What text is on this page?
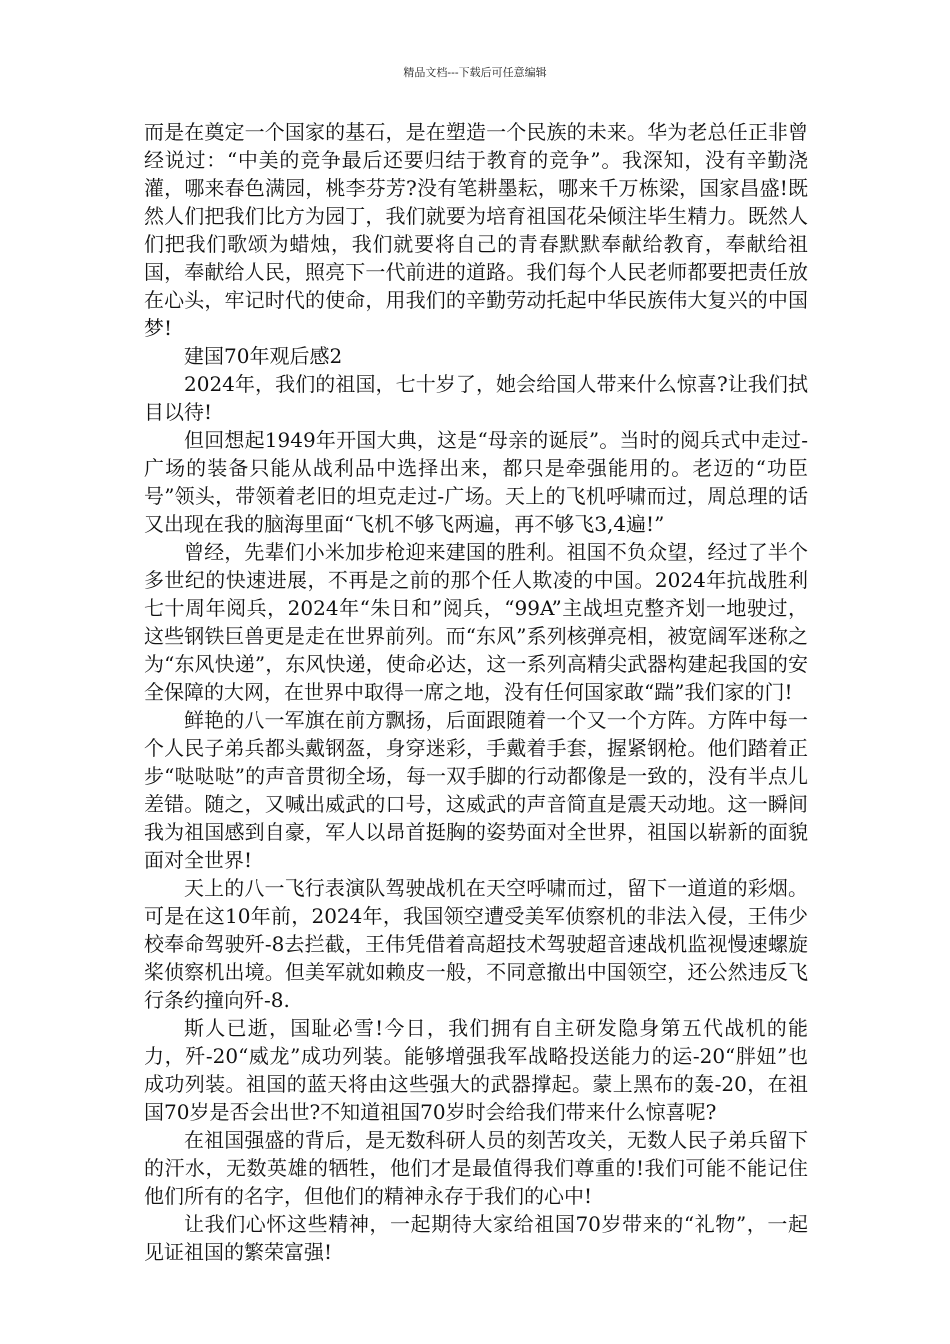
精品文档---下载后可任意编辑

而是在奠定一个国家的基石，是在塑造一个民族的未来。华为老总任正非曾经说过：“中美的竞争最后还要归结于教育的竞争”。我深知，没有辛勤浇灌，哪来春色满园，桃李芬芳?没有笔耕墨耘，哪来千万栋梁，国家昌盛!既然人们把我们比方为园丁，我们就要为培育祖国花朵倾注毕生精力。既然人们把我们歌颂为蜡烛，我们就要将自己的青春默默奉献给教育，奉献给祖国，奉献给人民，照亮下一代前进的道路。我们每个人民老师都要把责任放在心头，牢记时代的使命，用我们的辛勤劳动托起中华民族伟大复兴的中国梦!

建国70年观后感2

2024年，我们的祖国，七十岁了，她会给国人带来什么惊喜?让我们拭目以待!

但回想起1949年开国大典，这是“母亲的诞辰”。当时的阅兵式中走过-广场的装备只能从战利品中选择出来，都只是牵强能用的。老迈的“功臣号”领头，带领着老旧的坦克走过-广场。天上的飞机呼啸而过，周总理的话又出现在我的脑海里面“飞机不够飞两遍，再不够飞3,4遍!”

曾经，先辈们小米加步枪迎来建国的胜利。祖国不负众望，经过了半个多世纪的快速进展，不再是之前的那个任人欺凌的中国。2024年抗战胜利七十周年阅兵，2024年“朱日和”阅兵，“99A”主战坦克整齐划一地驶过，这些钢铁巨兽更是走在世界前列。而“东风”系列核弹亮相，被宽阔军迷称之为“东风快递”，东风快递，使命必达，这一系列高精尖武器构建起我国的安全保障的大网，在世界中取得一席之地，没有任何国家敢“踹”我们家的门!

鲜艳的八一军旗在前方飘扬，后面跟随着一个又一个方阵。方阵中每一个人民子弟兵都头戴钢盔，身穿迷彩，手戴着手套，握紧钢枪。他们踏着正步“哒哒哒”的声音贯彻全场，每一双手脚的行动都像是一致的，没有半点儿差错。随之，又喊出威武的口号，这威武的声音简直是震天动地。这一瞬间我为祖国感到自豪，军人以昂首挺胸的姿势面对全世界，祖国以崭新的面貌面对全世界!

天上的八一飞行表演队驾驶战机在天空呼啸而过，留下一道道的彩烟。可是在这10年前，2024年，我国领空遭受美军侦察机的非法入侵，王伟少校奉命驾驶歼-8去拦截，王伟凭借着高超技术驾驶超音速战机监视慢速螺旋桨侦察机出境。但美军就如赖皮一般，不同意撤出中国领空，还公然违反飞行条约撞向歼-8.

斯人已逝，国耻必雪!今日，我们拥有自主研发隐身第五代战机的能力，歼-20“威龙”成功列装。能够增强我军战略投送能力的运-20“胖妞”也成功列装。祖国的蓝天将由这些强大的武器撑起。蒙上黑布的轰-20，在祖国70岁是否会出世?不知道祖国70岁时会给我们带来什么惊喜呢?

在祖国强盛的背后，是无数科研人员的刻苦攻关，无数人民子弟兵留下的汗水，无数英雄的牺牲，他们才是最值得我们尊重的!我们可能不能记住他们所有的名字，但他们的精神永存于我们的心中!

让我们心怀这些精神，一起期待大家给祖国70岁带来的“礼物”，一起见证祖国的繁荣富强!
